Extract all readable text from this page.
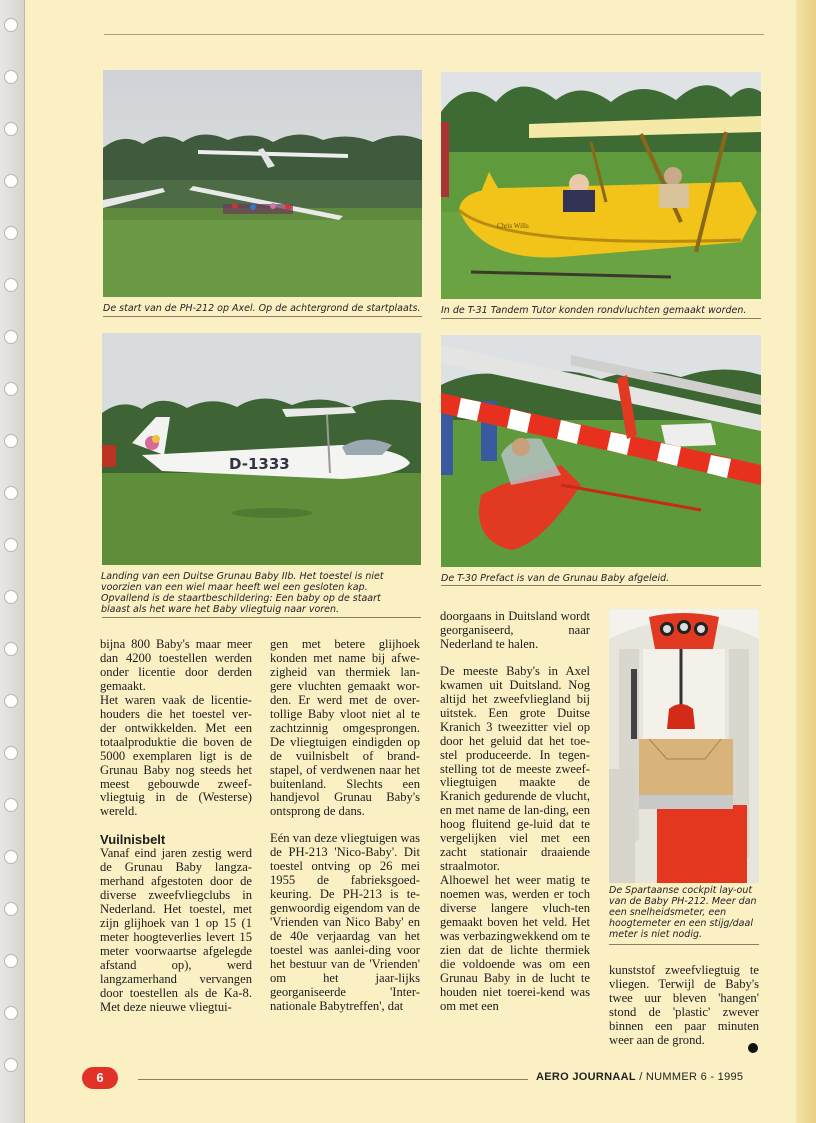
De start van de PH-212 op Axel. Op de achtergrond de startplaats.
Chris Wills
In de T-31 Tandem Tutor konden rondvluchten gemaakt worden.
D-1333
Landing van een Duitse Grunau Baby IIb. Het toestel is niet voorzien van een wiel maar heeft wel een gesloten kap. Opvallend is de staartbeschildering: Een baby op de staart blaast als het ware het Baby vliegtuig naar voren.
De T-30 Prefact is van de Grunau Baby afgeleid.
De Spartaanse cockpit lay-out van de Baby PH-212. Meer dan een snelheidsmeter, een hoogtemeter en een stijg/daal meter is niet nodig.

bijna 800 Baby's maar meer dan 4200 toestellen werden onder licentie door derden gemaakt.

Het waren vaak de licentie-houders die het toestel ver-der ontwikkelden. Met een totaalproduktie die boven de 5000 exemplaren ligt is de Grunau Baby nog steeds het meest gebouwde zweef-vliegtuig in de (Westerse) wereld.

Vuilnisbelt

Vanaf eind jaren zestig werd de Grunau Baby langza-merhand afgestoten door de diverse zweefvliegclubs in Nederland. Het toestel, met zijn glijhoek van 1 op 15 (1 meter hoogteverlies levert 15 meter voorwaartse afgelegde afstand op), werd langzamerhand vervangen door toestellen als de Ka-8. Met deze nieuwe vliegtui-

gen met betere glijhoek konden met name bij afwe-zigheid van thermiek lan-gere vluchten gemaakt wor-den. Er werd met de over-tollige Baby vloot niet al te zachtzinnig omgesprongen. De vliegtuigen eindigden op de vuilnisbelt of brand-stapel, of verdwenen naar het buitenland. Slechts een handjevol Grunau Baby's ontsprong de dans.

Eén van deze vliegtuigen was de PH-213 'Nico-Baby'. Dit toestel ontving op 26 mei 1955 de fabrieksgoed-keuring. De PH-213 is te-genwoordig eigendom van de 'Vrienden van Nico Baby' en de 40e verjaardag van het toestel was aanlei-ding voor het bestuur van de 'Vrienden' om het jaar-lijks georganiseerde 'Inter-nationale Babytreffen', dat

doorgaans in Duitsland wordt georganiseerd, naar Nederland te halen.

De meeste Baby's in Axel kwamen uit Duitsland. Nog altijd het zweefvliegland bij uitstek. Een grote Duitse Kranich 3 tweezitter viel op door het geluid dat het toe-stel produceerde. In tegen-stelling tot de meeste zweef-vliegtuigen maakte de Kranich gedurende de vlucht, en met name de lan-ding, een hoog fluitend ge-luid dat te vergelijken viel met een zacht stationair draaiende straalmotor.

Alhoewel het weer matig te noemen was, werden er toch diverse langere vluch-ten gemaakt boven het veld. Het was verbazingwekkend om te zien dat de lichte thermiek die voldoende was om een Grunau Baby in de lucht te houden niet toerei-kend was om met een

kunststof zweefvliegtuig te vliegen. Terwijl de Baby's twee uur bleven 'hangen' stond de 'plastic' zwever binnen een paar minuten weer aan de grond.

6	AERO JOURNAAL / NUMMER 6 - 1995
